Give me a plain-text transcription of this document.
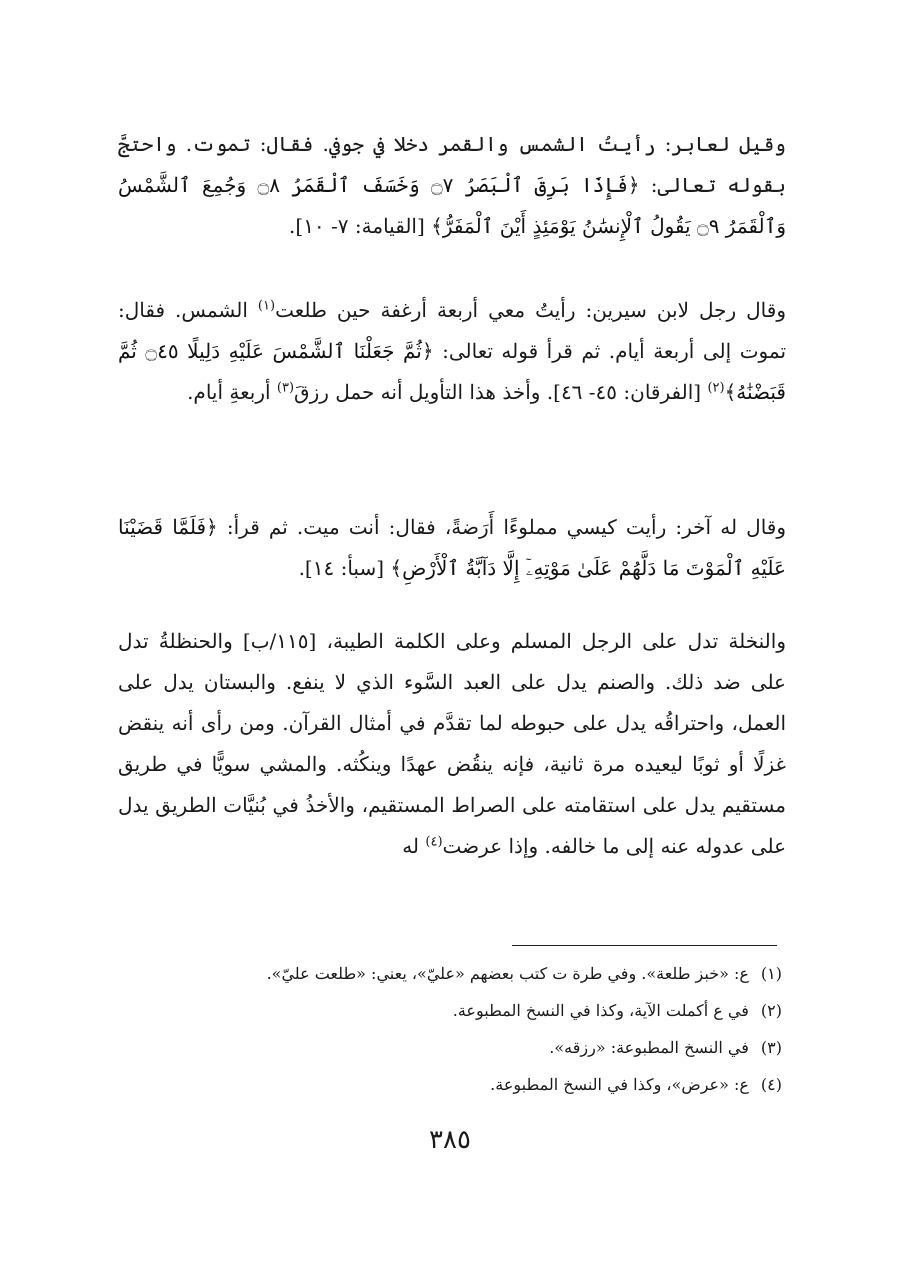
وقيل لعابر: رأيتُ الشمس والقمر دخلا في جوفي. فقال: تموت. واحتجَّ بقوله تعالى: ﴿فَإِذَا بَرِقَ ٱلْبَصَرُ ۝٧ وَخَسَفَ ٱلْقَمَرُ ۝٨ وَجُمِعَ ٱلشَّمْسُ وَٱلْقَمَرُ ۝٩ يَقُولُ ٱلْإِنسَٰنُ يَوْمَئِذٍ أَيْنَ ٱلْمَفَرُّ﴾ [القيامة: ٧- ١٠].

وقال رجل لابن سيرين: رأيتُ معي أربعة أرغفة حين طلعت$^{(١)}$ الشمس. فقال: تموت إلى أربعة أيام. ثم قرأ قوله تعالى: ﴿ثُمَّ جَعَلْنَا ٱلشَّمْسَ عَلَيْهِ دَلِيلًا ۝٤٥ ثُمَّ قَبَضْنَٰهُ﴾$^{(٢)}$ [الفرقان: ٤٥- ٤٦]. وأخذ هذا التأويل أنه حمل رزقَ$^{(٣)}$ أربعةِ أيام.

وقال له آخر: رأيت كيسي مملوءًا أَرَضةً، فقال: أنت ميت. ثم قرأ: ﴿فَلَمَّا قَضَيْنَا عَلَيْهِ ٱلْمَوْتَ مَا دَلَّهُمْ عَلَىٰ مَوْتِهِۦٓ إِلَّا دَآبَّةُ ٱلْأَرْضِ﴾ [سبأ: ١٤].

والنخلة تدل على الرجل المسلم وعلى الكلمة الطيبة، [١١٥/ب] والحنظلةُ تدل على ضد ذلك. والصنم يدل على العبد السَّوء الذي لا ينفع. والبستان يدل على العمل، واحتراقُه يدل على حبوطه لما تقدَّم في أمثال القرآن. ومن رأى أنه ينقض غزلًا أو ثوبًا ليعيده مرة ثانية، فإنه ينقُض عهدًا وينكُثه. والمشي سويًّا في طريق مستقيم يدل على استقامته على الصراط المستقيم، والأخذُ في بُنيَّات الطريق يدل على عدوله عنه إلى ما خالفه. وإذا عرضت$^{(٤)}$ له

(١)ع: «خبز طلعة». وفي طرة ت كتب بعضهم «عليّ»، يعني: «طلعت عليّ».
(٢)في ع أكملت الآية، وكذا في النسخ المطبوعة.
(٣)في النسخ المطبوعة: «رزقه».
(٤)ع: «عرض»، وكذا في النسخ المطبوعة.
٣٨٥
